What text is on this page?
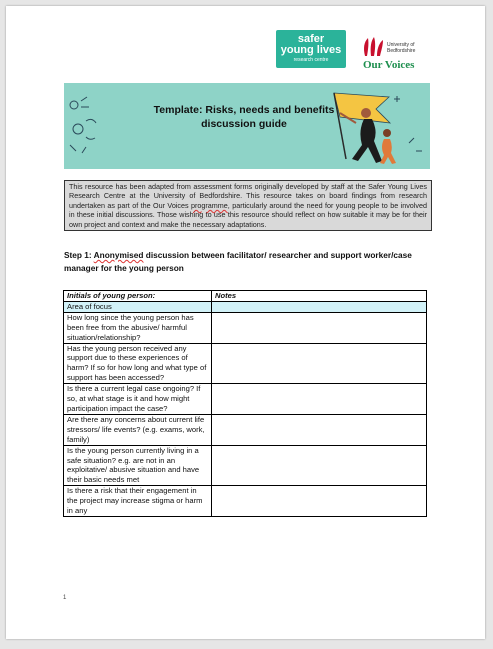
safer
young lives
research centre
University of
Bedfordshire
Our Voices
Template: Risks, needs and benefits
discussion guide
This resource has been adapted from assessment forms originally developed by staff at the Safer Young Lives Research Centre at the University of Bedfordshire. This resource takes on board findings from research undertaken as part of the Our Voices programme, particularly around the need for young people to be involved in these initial discussions. Those wishing to use this resource should reflect on how suitable it may be for their own project and context and make the necessary adaptations.
Step 1: Anonymised discussion between facilitator/ researcher and support worker/case manager for the young person
Initials of young person:	Notes
Area of focus	
How long since the young person has been free from the abusive/ harmful situation/relationship?	
Has the young person received any support due to these experiences of harm? If so for how long and what type of support has been accessed?	
Is there a current legal case ongoing? If so, at what stage is it and how might participation impact the case?	
Are there any concerns about current life stressors/ life events? (e.g. exams, work, family)	
Is the young person currently living in a safe situation? e.g. are not in an exploitative/ abusive situation and have their basic needs met	
Is there a risk that their engagement in the project may increase stigma or harm in any	
1
